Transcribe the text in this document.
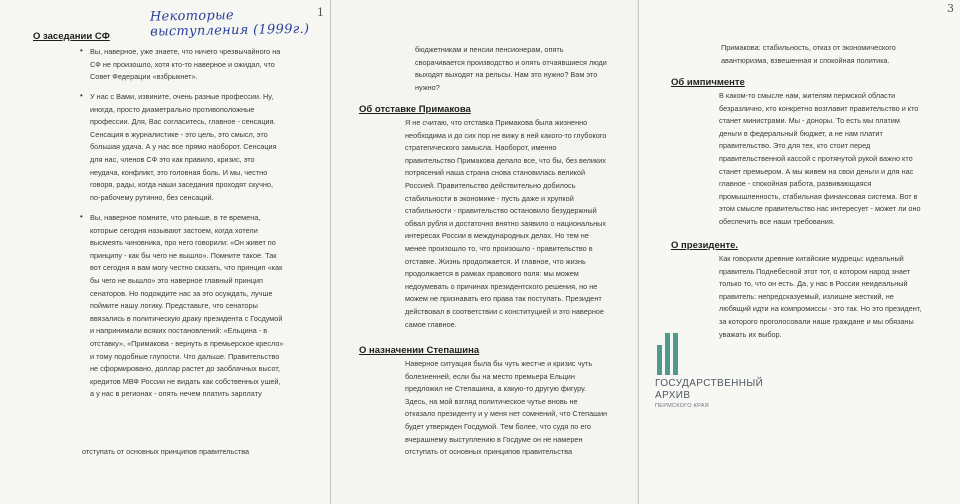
1
Некоторые выступления (1999г.)
О заседании СФ
• Вы, наверное, уже знаете, что ничего чрезвычайного на
СФ не произошло, хотя кто-то наверное и ожидал, что
Совет Федерации «взбрыкнет».
• У нас с Вами, извините, очень разные профессии. Ну,
иногда, просто диаметрально противоположные
профессии. Для, Вас согласитесь, главное - сенсация.
Сенсация в журналистике - это цель, это смысл, это
большая удача. А у нас все прямо наоборот. Сенсация
для нас, членов СФ это как правило, кризис, это
неудача, конфликт, это головная боль. И мы, честно
говоря, рады, когда наши заседания проходят скучно,
по-рабочему рутинно, без сенсаций.
• Вы, наверное помните, что раньше, в те времена,
которые сегодня называют застоем, когда хотели
высмеять чиновника, про него говорили: «Он живет по
принципу - как бы чего не вышло». Помните такое. Так
вот сегодня я вам могу честно сказать, что принцип «как
бы чего не вышло» это наверное главный принцип
сенаторов. Но подождите нас за это осуждать, лучше
поймите нашу логику. Представьте, что сенаторы
ввязались в политическую драку президента с Госдумой
и напринимали всяких постановлений: «Ельцина - в
отставку», «Примакова - вернуть в премьерское кресло»
и тому подобные глупости. Что дальше. Правительство
не сформировано, доллар растет до заоблачных высот,
кредитов МВФ России не видать как собственных ушей,
а у нас в регионах - опять нечем платить зарплату
отступать от основных принципов правительства
бюджетникам и пенсии пенсионерам, опять
сворачивается производство и опять отчаявшиеся люди
выходят выходят на рельсы. Нам это нужно? Вам это
нужно?
Об отставке Примакова
Я не считаю, что отставка Примакова была жизненно
необходима и до сих пор не вижу в ней какого-то глубокого
стратегического замысла. Наоборот, именно
правительство Примакова делало все, что бы, без великих
потрясений наша страна снова становилась великой
Россией. Правительство действительно добилось
стабильности в экономике - пусть даже и хрупкой
стабильности - правительство остановило безудержный
обвал рубля и достаточно внятно заявило о национальных
интересах России в международных делах. Но тем не
менее произошло то, что произошло - правительство в
отставке. Жизнь продолжается. И главное, что жизнь
продолжается в рамках правового поля: мы можем
недоумевать о причинах президентского решения, но не
можем не признавать его права так поступать. Президент
действовал в соответствии с конституцией и это наверное
самое главное.
О назначении Степашина
Наверное ситуация была бы чуть жестче и кризис чуть
болезненней, если бы на место премьера Ельцин
предложил не Степашина, а какую-то другую фигуру.
Здесь, на мой взгляд политическое чутье вновь не
отказало президенту и у меня нет сомнений, что Степашин
будет утвержден Госдумой. Тем более, что судя по его
вчерашнему выступлению в Госдуме он не намерен
отступать от основных принципов правительства
3
Примакова: стабильность, отказ от экономического
авантюризма, взвешенная и спокойная политика.
Об импичменте
В каком-то смысле нам, жителям пермской области
безразлично, кто конкретно возглавит правительство и кто
станет министрами. Мы - доноры. То есть мы платим
деньги в федеральный бюджет, а не нам платит
правительство. Это для тех, кто стоит перед
правительственной кассой с протянутой рукой важно кто
станет премьером. А мы живем на свои деньги и для нас
главное - спокойная работа, развивающаяся
промышленность, стабильная финансовая система. Вот в
этом смысле правительство нас интересует - может ли оно
обеспечить все наши требования.
О президенте.
Как говорили древние китайские мудрецы: идеальный
правитель Поднебесной этот тот, о котором народ знает
только то, что он есть. Да, у нас в России неидеальный
правитель: непредсказуемый, излишне жесткий, не
любящий идти на компромиссы - это так. Но это президент,
за которого проголосовали наше граждане и мы обязаны
уважать их выбор.
ГОСУДАРСТВЕННЫЙ
АРХИВ
ПЕРМСКОГО КРАЯ
